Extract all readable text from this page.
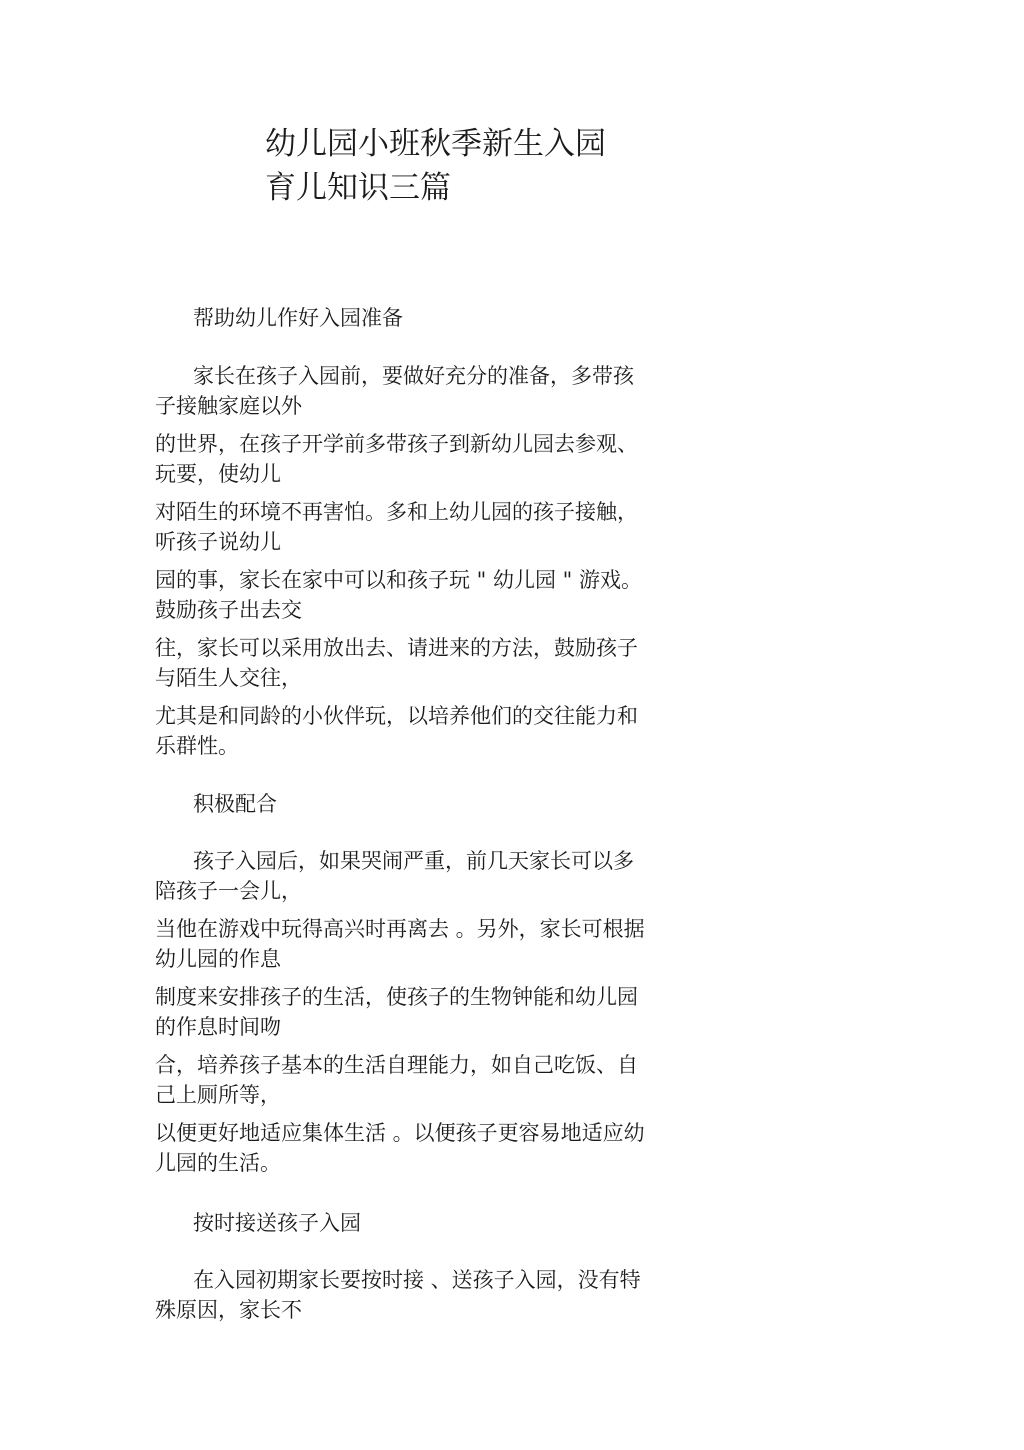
幼儿园小班秋季新生入园
育儿知识三篇

帮助幼儿作好入园准备

家长在孩子入园前，要做好充分的准备，多带孩子接触家庭以外
的世界，在孩子开学前多带孩子到新幼儿园去参观、玩要，使幼儿
对陌生的环境不再害怕。多和上幼儿园的孩子接触，听孩子说幼儿
园的事，家长在家中可以和孩子玩 " 幼儿园 " 游戏。鼓励孩子出去交
往，家长可以采用放出去、请进来的方法，鼓励孩子与陌生人交往，
尤其是和同龄的小伙伴玩，以培养他们的交往能力和乐群性。

积极配合

孩子入园后，如果哭闹严重，前几天家长可以多陪孩子一会儿，
当他在游戏中玩得高兴时再离去 。另外，家长可根据幼儿园的作息
制度来安排孩子的生活，使孩子的生物钟能和幼儿园的作息时间吻
合，培养孩子基本的生活自理能力，如自己吃饭、自己上厕所等，
以便更好地适应集体生活 。以便孩子更容易地适应幼儿园的生活。

按时接送孩子入园

在入园初期家长要按时接 、送孩子入园，没有特殊原因，家长不
